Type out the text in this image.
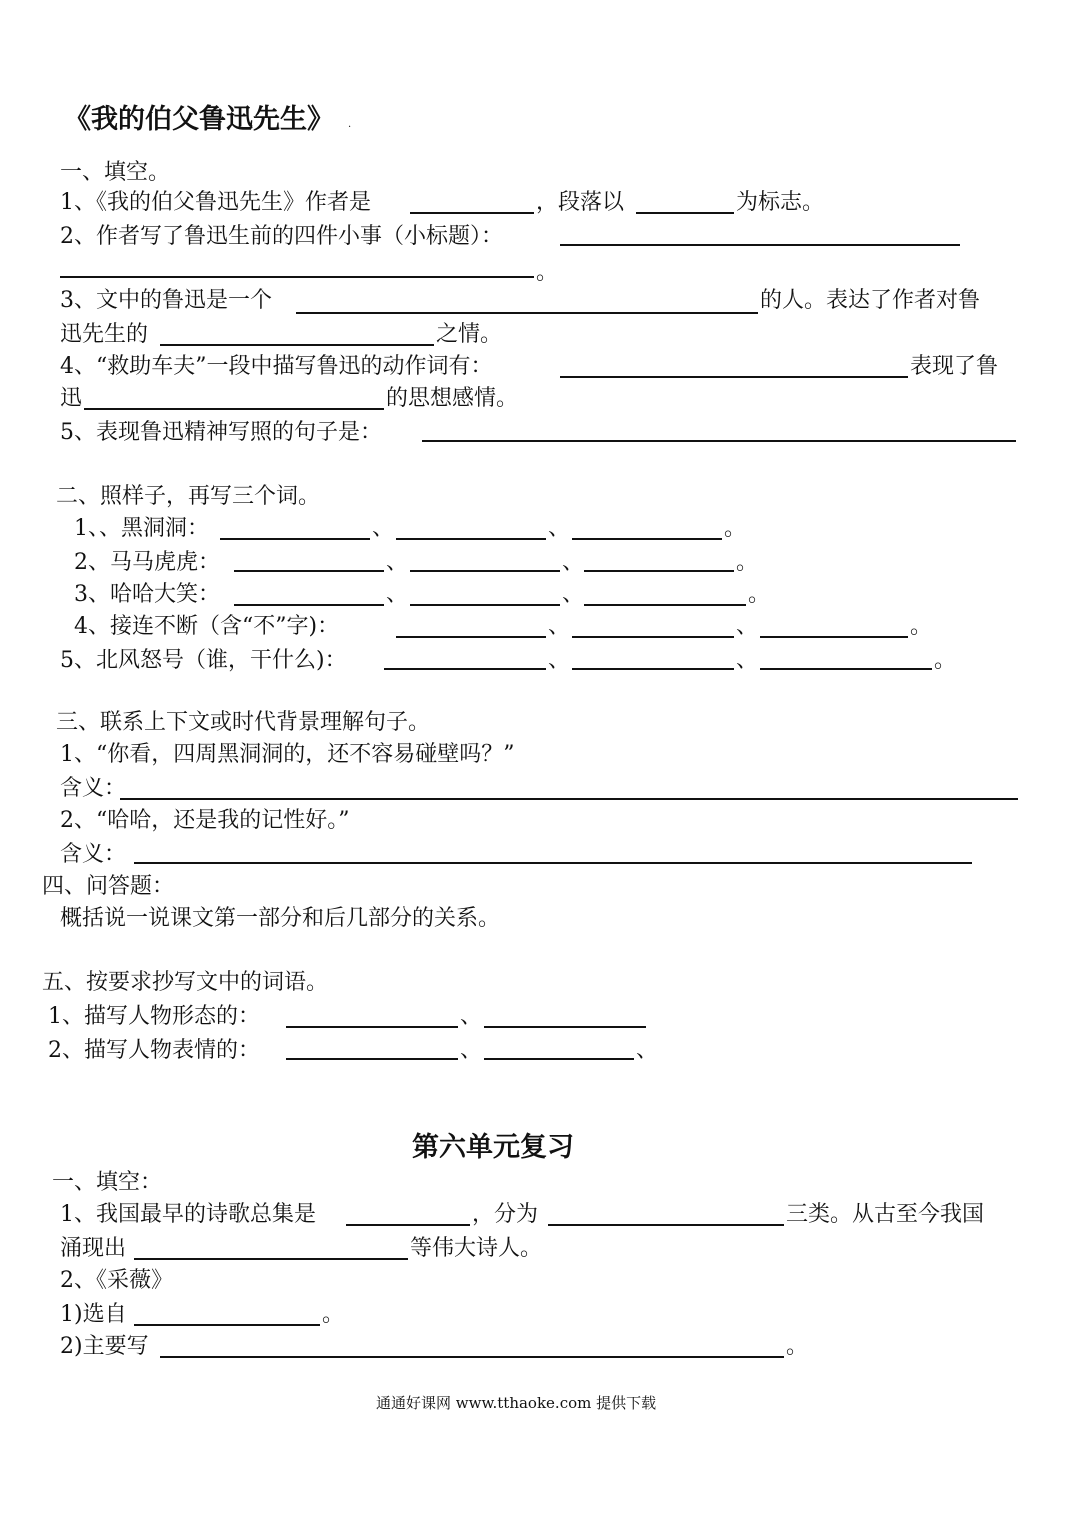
《我的伯父鲁迅先生》 .
一、填空。
1、《我的伯父鲁迅先生》作者是	，段落以	为标志。
2、作者写了鲁迅生前的四件小事（小标题）：
。
3、文中的鲁迅是一个	的人。表达了作者对鲁
迅先生的	之情。
4、“救助车夫”一段中描写鲁迅的动作词有：	表现了鲁
迅	的思想感情。
5、表现鲁迅精神写照的句子是：
二、照样子，再写三个词。
1、、黑洞洞：	、	、	。
2、马马虎虎：	、	、	。
3、哈哈大笑：	、	、	。
4、接连不断（含“不”字)：	、	、	。
5、北风怒号（谁，干什么)：	、	、	。
三、联系上下文或时代背景理解句子。
1、“你看，四周黑洞洞的，还不容易碰壁吗？”
含义：
2、“哈哈，还是我的记性好。”
含义：
四、问答题：
概括说一说课文第一部分和后几部分的关系。
五、按要求抄写文中的词语。
1、描写人物形态的：	、
2、描写人物表情的：	、	、
第六单元复习
一、填空：
1、我国最早的诗歌总集是	，分为	三类。从古至今我国
涌现出	等伟大诗人。
2、《采薇》
1)选自	。
2)主要写	。
通通好课网 www.tthaoke.com 提供下载
